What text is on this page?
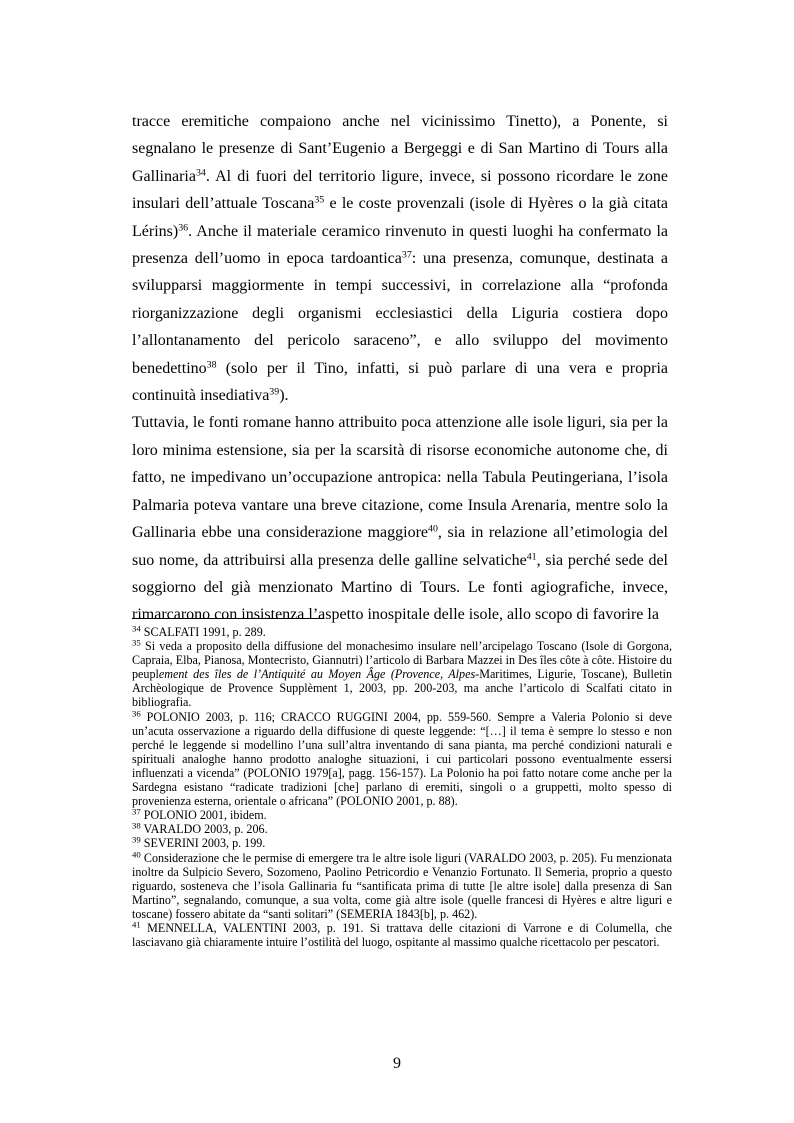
tracce eremitiche compaiono anche nel vicinissimo Tinetto), a Ponente, si segnalano le presenze di Sant’Eugenio a Bergeggi e di San Martino di Tours alla Gallinaria$^{34}$. Al di fuori del territorio ligure, invece, si possono ricordare le zone insulari dell’attuale Toscana$^{35}$ e le coste provenzali (isole di Hyères o la già citata Lérins)$^{36}$. Anche il materiale ceramico rinvenuto in questi luoghi ha confermato la presenza dell’uomo in epoca tardoantica$^{37}$: una presenza, comunque, destinata a svilupparsi maggiormente in tempi successivi, in correlazione alla “profonda riorganizzazione degli organismi ecclesiastici della Liguria costiera dopo l’allontanamento del pericolo saraceno”, e allo sviluppo del movimento benedettino$^{38}$ (solo per il Tino, infatti, si può parlare di una vera e propria continuità insediativa$^{39}$).

Tuttavia, le fonti romane hanno attribuito poca attenzione alle isole liguri, sia per la loro minima estensione, sia per la scarsità di risorse economiche autonome che, di fatto, ne impedivano un’occupazione antropica: nella Tabula Peutingeriana, l’isola Palmaria poteva vantare una breve citazione, come Insula Arenaria, mentre solo la Gallinaria ebbe una considerazione maggiore$^{40}$, sia in relazione all’etimologia del suo nome, da attribuirsi alla presenza delle galline selvatiche$^{41}$, sia perché sede del soggiorno del già menzionato Martino di Tours. Le fonti agiografiche, invece, rimarcarono con insistenza l’aspetto inospitale delle isole, allo scopo di favorire la

$^{34}$ SCALFATI 1991, p. 289.

$^{35}$ Si veda a proposito della diffusione del monachesimo insulare nell’arcipelago Toscano (Isole di Gorgona, Capraia, Elba, Pianosa, Montecristo, Giannutri) l’articolo di Barbara Mazzei in Des îles côte à côte. Histoire du peuplement des îles de l’Antiquité au Moyen Âge (Provence, Alpes-Maritimes, Ligurie, Toscane), Bulletin Archèologique de Provence Supplèment 1, 2003, pp. 200-203, ma anche l’articolo di Scalfati citato in bibliografia.

$^{36}$ POLONIO 2003, p. 116; CRACCO RUGGINI 2004, pp. 559-560. Sempre a Valeria Polonio si deve un’acuta osservazione a riguardo della diffusione di queste leggende: “[…] il tema è sempre lo stesso e non perché le leggende si modellino l’una sull’altra inventando di sana pianta, ma perché condizioni naturali e spirituali analoghe hanno prodotto analoghe situazioni, i cui particolari possono eventualmente essersi influenzati a vicenda” (POLONIO 1979[a], pagg. 156-157). La Polonio ha poi fatto notare come anche per la Sardegna esistano “radicate tradizioni [che] parlano di eremiti, singoli o a gruppetti, molto spesso di provenienza esterna, orientale o africana” (POLONIO 2001, p. 88).

$^{37}$ POLONIO 2001, ibidem.

$^{38}$ VARALDO 2003, p. 206.

$^{39}$ SEVERINI 2003, p. 199.

$^{40}$ Considerazione che le permise di emergere tra le altre isole liguri (VARALDO 2003, p. 205). Fu menzionata inoltre da Sulpicio Severo, Sozomeno, Paolino Petricordio e Venanzio Fortunato. Il Semeria, proprio a questo riguardo, sosteneva che l’isola Gallinaria fu “santificata prima di tutte [le altre isole] dalla presenza di San Martino”, segnalando, comunque, a sua volta, come già altre isole (quelle francesi di Hyères e altre liguri e toscane) fossero abitate da “santi solitari” (SEMERIA 1843[b], p. 462).

$^{41}$ MENNELLA, VALENTINI 2003, p. 191. Si trattava delle citazioni di Varrone e di Columella, che lasciavano già chiaramente intuire l’ostilità del luogo, ospitante al massimo qualche ricettacolo per pescatori.

9
